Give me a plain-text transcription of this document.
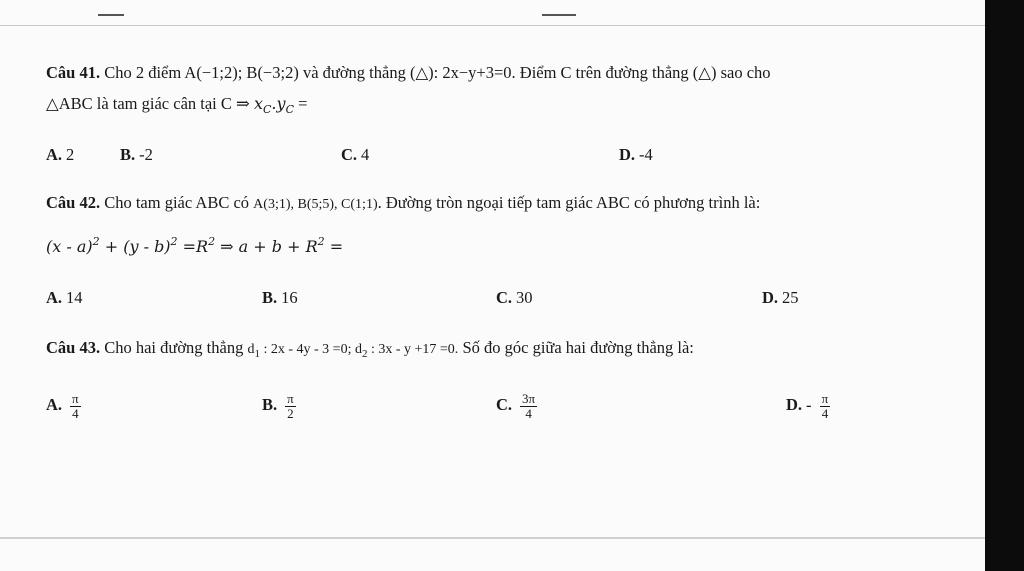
Câu 41. Cho 2 điểm A(−1;2); B(−3;2) và đường thẳng (△): 2x−y+3=0. Điểm C trên đường thẳng (△) sao cho
△ABC là tam giác cân tại C ⇒ $x_C.y_C$ =
A. 2	B. -2	C. 4	D. -4
Câu 42. Cho tam giác ABC có A(3;1), B(5;5), C(1;1). Đường tròn ngoại tiếp tam giác ABC có phương trình là:
$(x - a)^2 + (y - b)^2 =R^2$ ⇒ $a + b + R^2$ =
A. 14	B. 16	C. 30	D. 25
Câu 43. Cho hai đường thẳng $d_1$ : 2x - 4y - 3 =0; $d_2$ : 3x - y +17 =0. Số đo góc giữa hai đường thẳng là:
A. $\frac{\pi}{4}$	B. $\frac{\pi}{2}$	C. $\frac{3\pi}{4}$	D. - $\frac{\pi}{4}$
